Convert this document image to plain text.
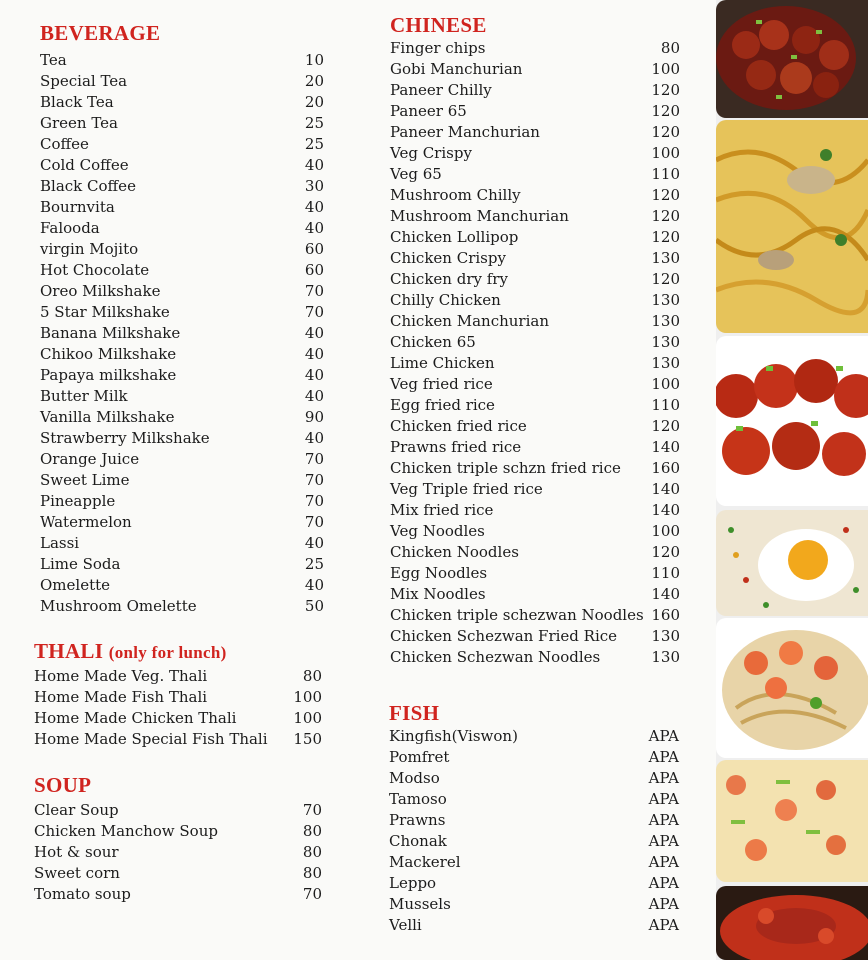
BEVERAGE
Tea	10
Special Tea	20
Black Tea	20
Green Tea	25
Coffee	25
Cold Coffee	40
Black Coffee	30
Bournvita	40
Falooda	40
virgin Mojito	60
Hot Chocolate	60
Oreo Milkshake	70
5 Star Milkshake	70
Banana Milkshake	40
Chikoo Milkshake	40
Papaya milkshake	40
Butter Milk	40
Vanilla Milkshake	90
Strawberry Milkshake	40
Orange Juice	70
Sweet Lime	70
Pineapple	70
Watermelon	70
Lassi	40
Lime Soda	25
Omelette	40
Mushroom Omelette	50
THALI (only for lunch)
Home Made Veg. Thali	80
Home Made Fish Thali	100
Home Made Chicken Thali	100
Home Made Special Fish Thali 150
SOUP
Clear Soup	70
Chicken Manchow Soup	80
Hot & sour	80
Sweet corn	80
Tomato soup	70
CHINESE
Finger chips	80
Gobi Manchurian	100
Paneer Chilly	120
Paneer 65	120
Paneer Manchurian	120
Veg Crispy	100
Veg 65	110
Mushroom Chilly	120
Mushroom Manchurian	120
Chicken Lollipop	120
Chicken Crispy	130
Chicken dry fry	120
Chilly Chicken	130
Chicken Manchurian	130
Chicken 65	130
Lime Chicken	130
Veg fried rice	100
Egg fried rice	110
Chicken fried rice	120
Prawns fried rice	140
Chicken triple schzn fried rice 160
Veg Triple fried rice	140
Mix fried rice	140
Veg Noodles	100
Chicken Noodles	120
Egg Noodles	110
Mix Noodles	140
Chicken triple schezwan Noodles 160
Chicken Schezwan Fried Rice 130
Chicken Schezwan Noodles	130
FISH
Kingfish(Viswon)	APA
Pomfret	APA
Modso	APA
Tamoso	APA
Prawns	APA
Chonak	APA
Mackerel	APA
Leppo	APA
Mussels	APA
Velli	APA
